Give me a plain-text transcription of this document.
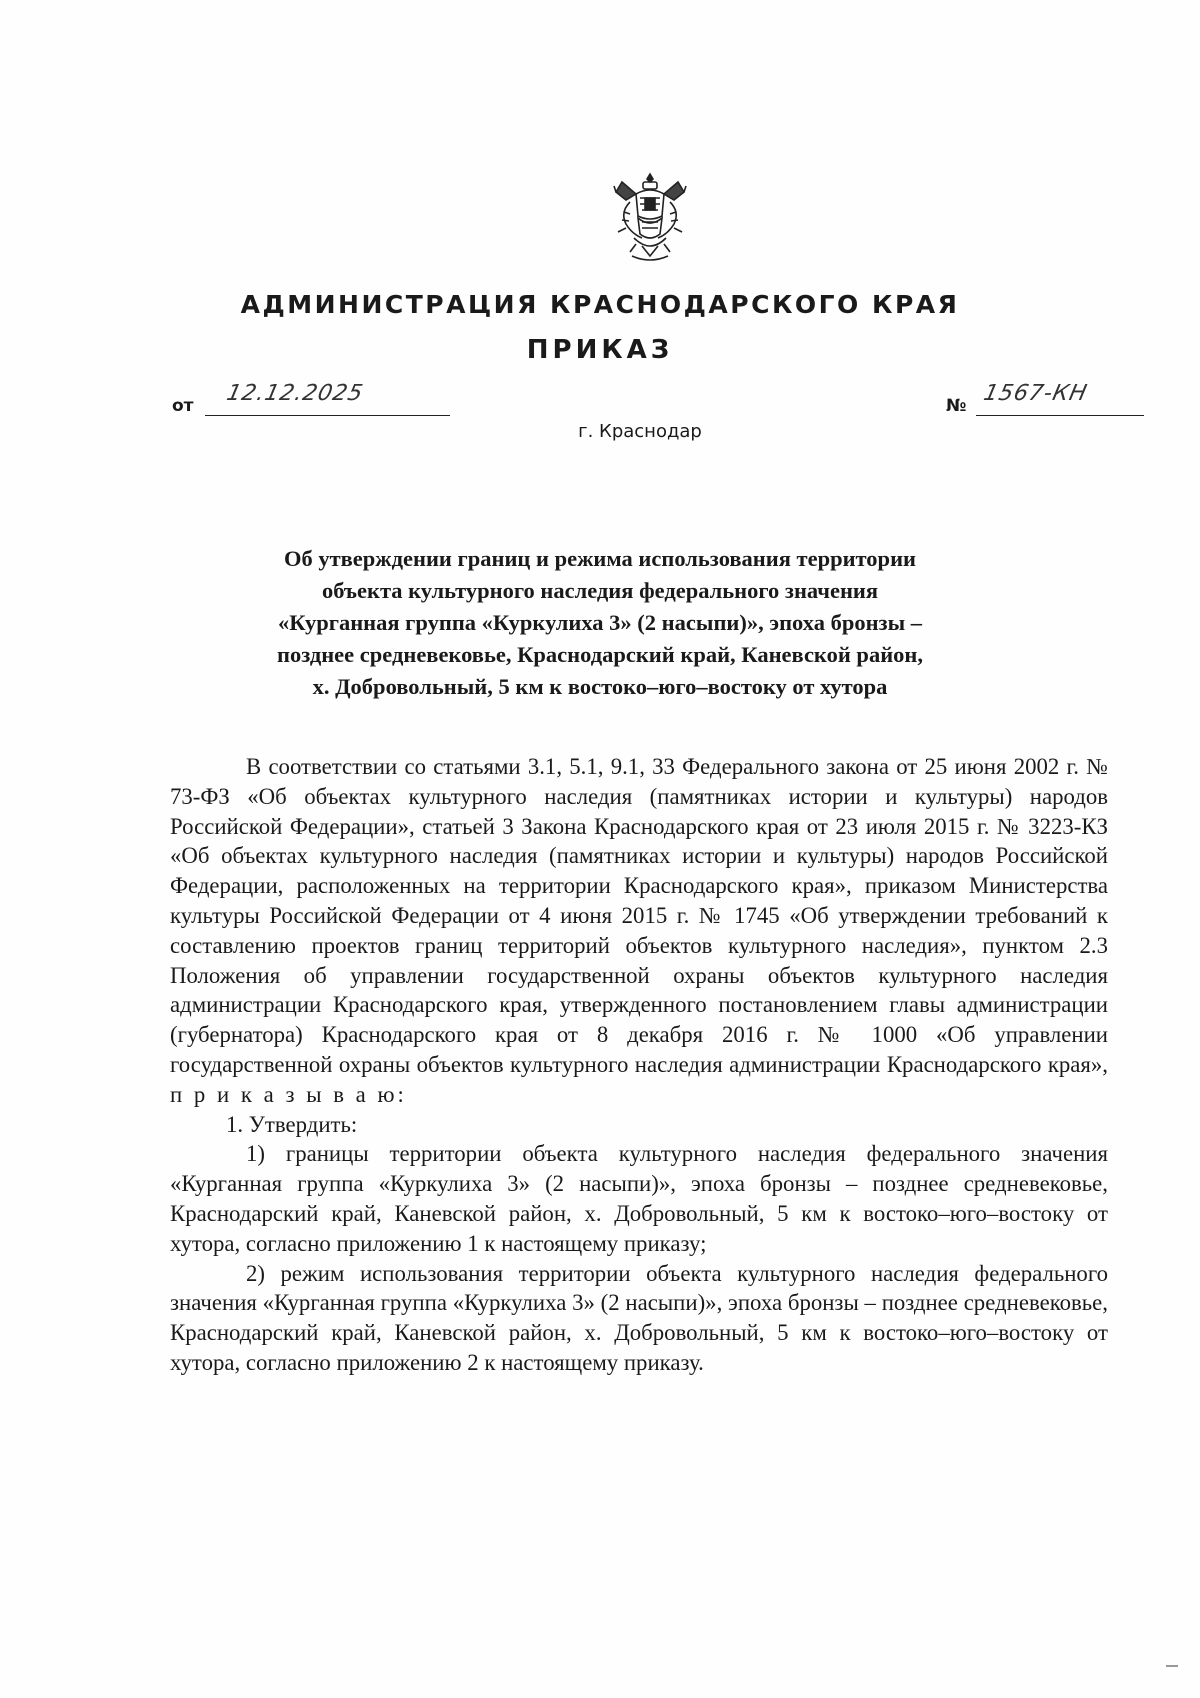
АДМИНИСТРАЦИЯ КРАСНОДАРСКОГО КРАЯ
ПРИКАЗ
от 12.12.2025	№ 1567-КН
г. Краснодар
Об утверждении границ и режима использования территории
объекта культурного наследия федерального значения
«Курганная группа «Куркулиха 3» (2 насыпи)», эпоха бронзы –
позднее средневековье, Краснодарский край, Каневской район,
х. Добровольный, 5 км к востоко–юго–востоку от хутора

В соответствии со статьями 3.1, 5.1, 9.1, 33 Федерального закона от 25 июня 2002 г. № 73-ФЗ «Об объектах культурного наследия (памятниках истории и культуры) народов Российской Федерации», статьей 3 Закона Краснодарского края от 23 июля 2015 г. № 3223-КЗ «Об объектах культурного наследия (памятниках истории и культуры) народов Российской Федерации, расположенных на территории Краснодарского края», приказом Министерства культуры Российской Федерации от 4 июня 2015 г. № 1745 «Об утверждении требований к составлению проектов границ территорий объектов культурного наследия», пунктом 2.3 Положения об управлении государственной охраны объектов культурного наследия администрации Краснодарского края, утвержденного постановлением главы администрации (губернатора) Краснодарского края от 8 декабря 2016 г. № 1000 «Об управлении государственной охраны объектов культурного наследия администрации Краснодарского края», п р и к а з ы в а ю:

1. Утвердить:

1) границы территории объекта культурного наследия федерального значения «Курганная группа «Куркулиха 3» (2 насыпи)», эпоха бронзы – позднее средневековье, Краснодарский край, Каневской район, х. Добровольный, 5 км к востоко–юго–востоку от хутора, согласно приложению 1 к настоящему приказу;

2) режим использования территории объекта культурного наследия федерального значения «Курганная группа «Куркулиха 3» (2 насыпи)», эпоха бронзы – позднее средневековье, Краснодарский край, Каневской район, х. Добровольный, 5 км к востоко–юго–востоку от хутора, согласно приложению 2 к настоящему приказу.
